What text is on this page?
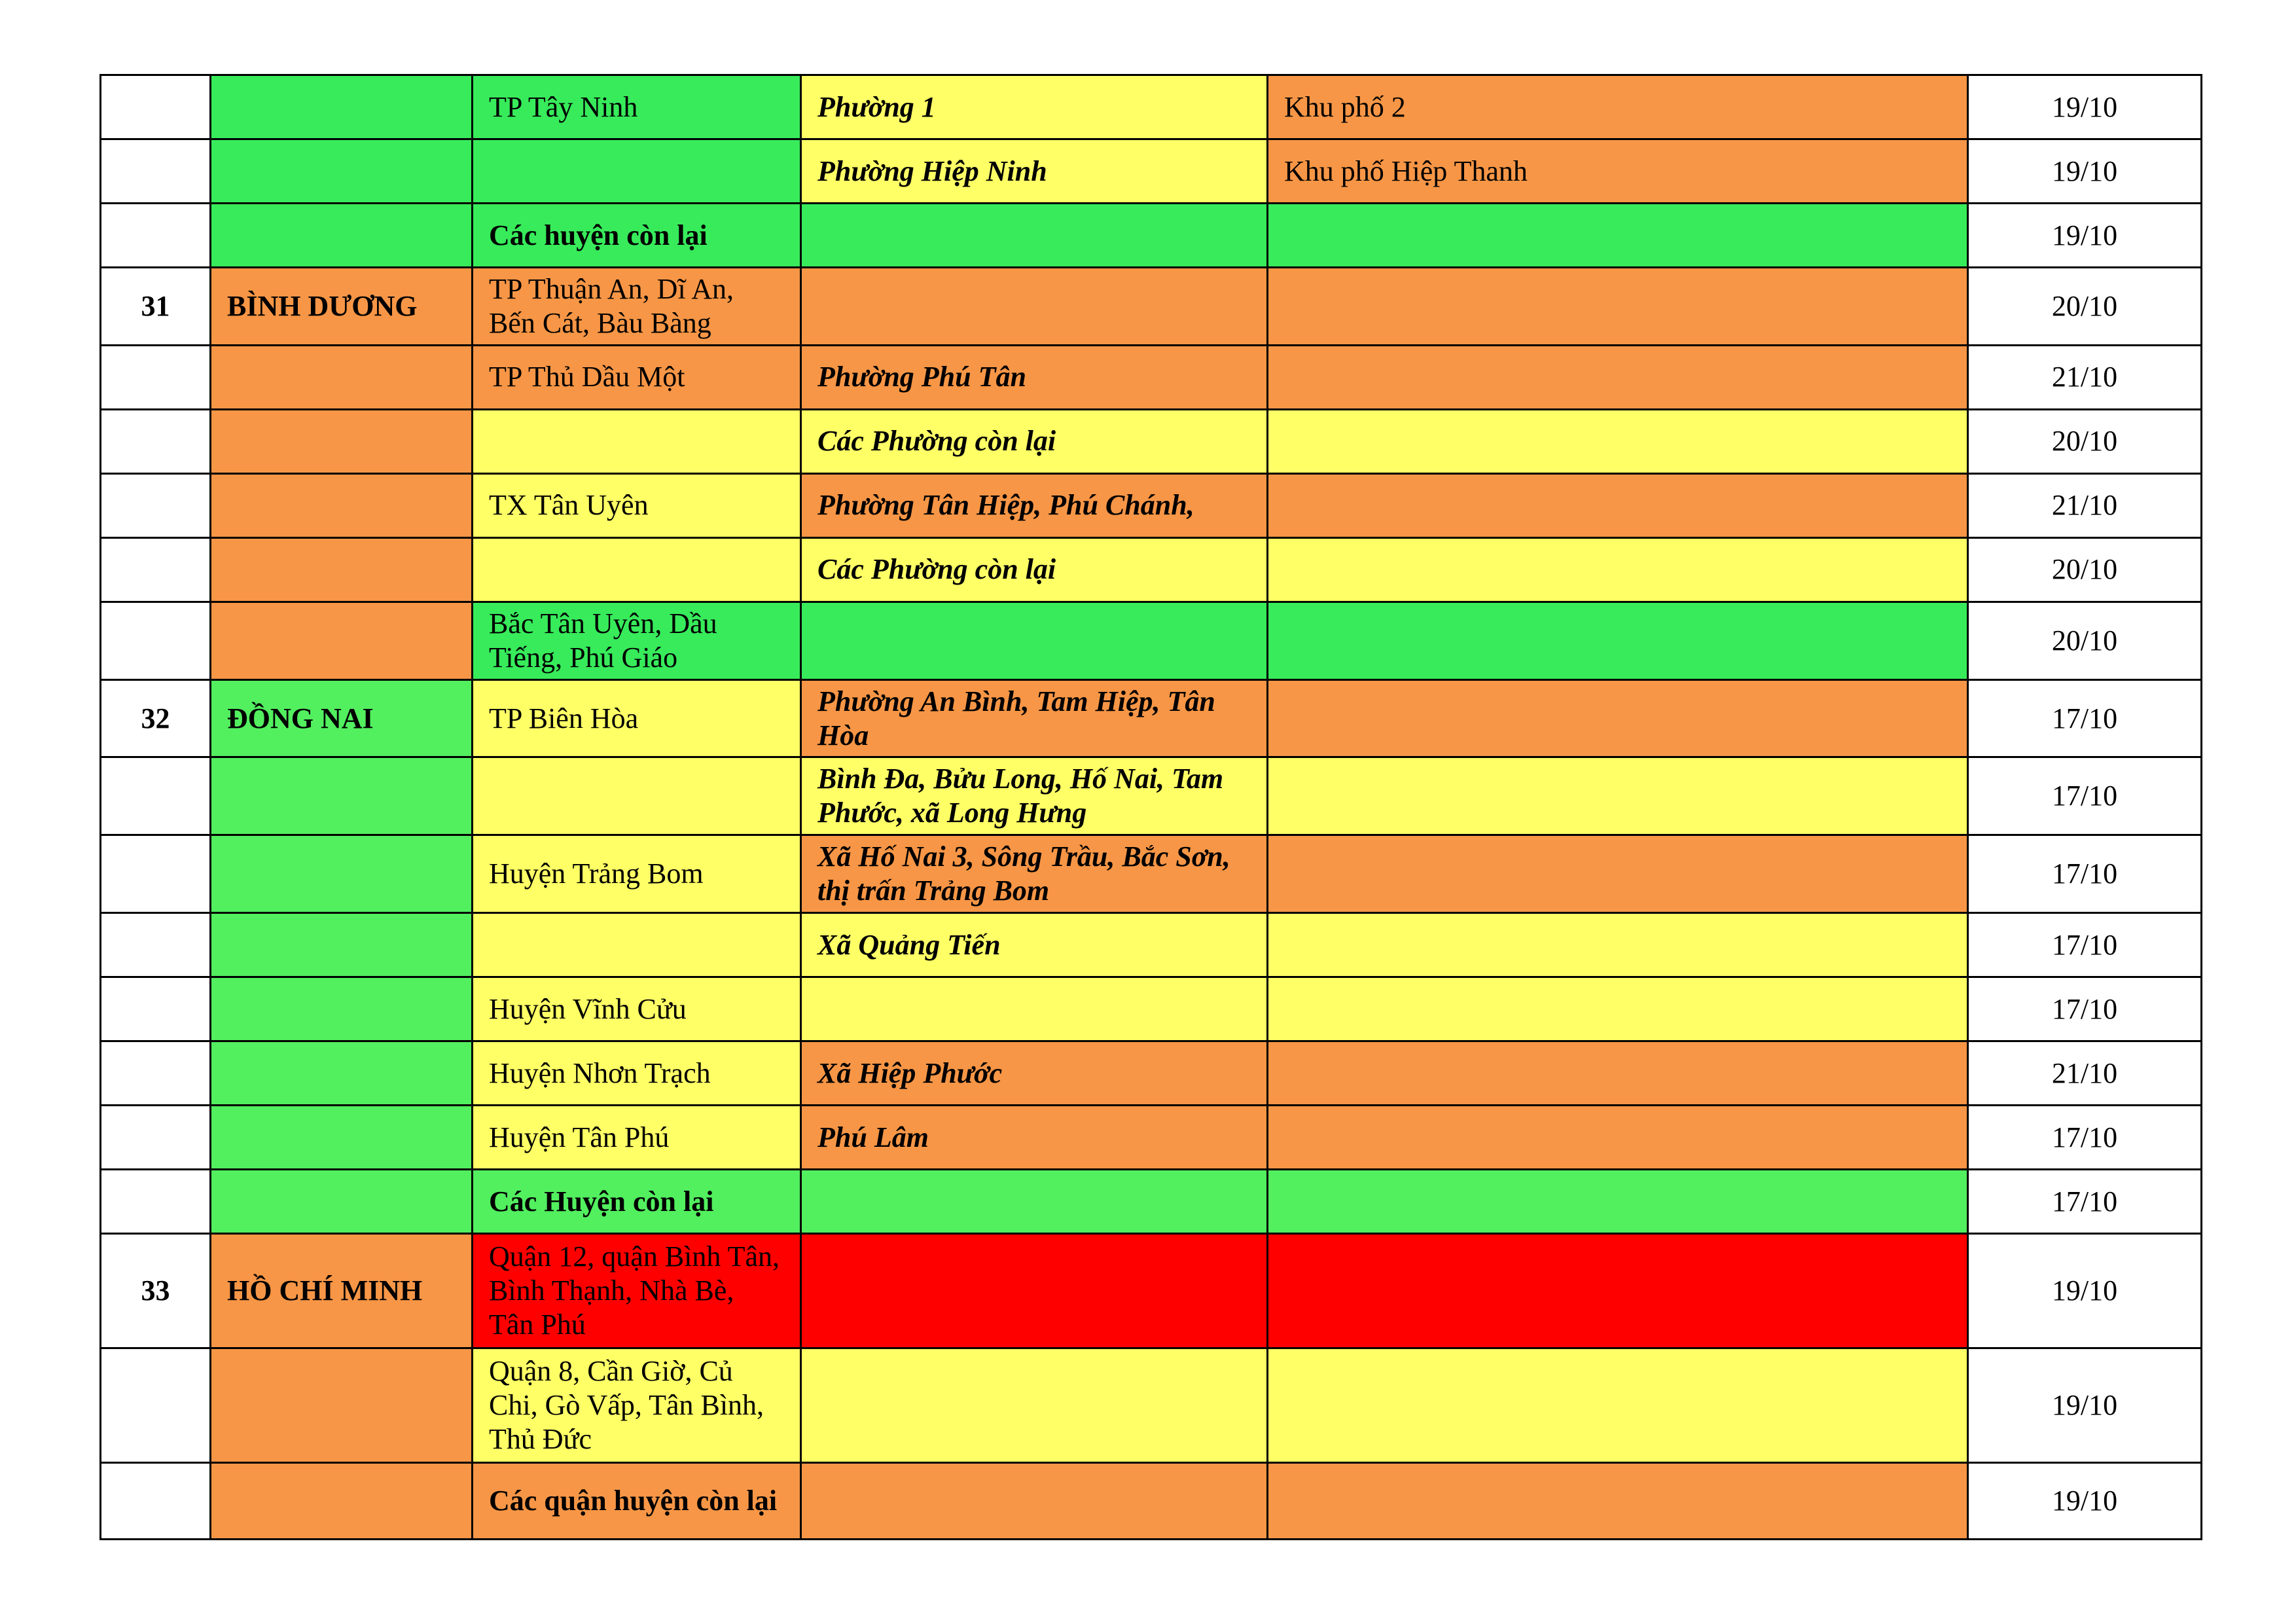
		TP Tây Ninh	Phường 1	Khu phố 2	19/10
			Phường Hiệp Ninh	Khu phố Hiệp Thanh	19/10
		Các huyện còn lại			19/10
31	BÌNH DƯƠNG	TP Thuận An, Dĩ An, Bến Cát, Bàu Bàng			20/10
		TP Thủ Dầu Một	Phường Phú Tân		21/10
			Các Phường còn lại		20/10
		TX Tân Uyên	Phường Tân Hiệp, Phú Chánh,		21/10
			Các Phường còn lại		20/10
		Bắc Tân Uyên, Dầu Tiếng, Phú Giáo			20/10
32	ĐỒNG NAI	TP Biên Hòa	Phường An Bình, Tam Hiệp, Tân Hòa		17/10
			Bình Đa, Bửu Long, Hố Nai, Tam Phước, xã Long Hưng		17/10
		Huyện Trảng Bom	Xã Hố Nai 3, Sông Trầu, Bắc Sơn, thị trấn Trảng Bom		17/10
			Xã Quảng Tiến		17/10
		Huyện Vĩnh Cửu			17/10
		Huyện Nhơn Trạch	Xã Hiệp Phước		21/10
		Huyện Tân Phú	Phú Lâm		17/10
		Các Huyện còn lại			17/10
33	HỒ CHÍ MINH	Quận 12, quận Bình Tân, Bình Thạnh, Nhà Bè, Tân Phú			19/10
		Quận 8, Cần Giờ, Củ Chi, Gò Vấp, Tân Bình, Thủ Đức			19/10
		Các quận huyện còn lại			19/10
